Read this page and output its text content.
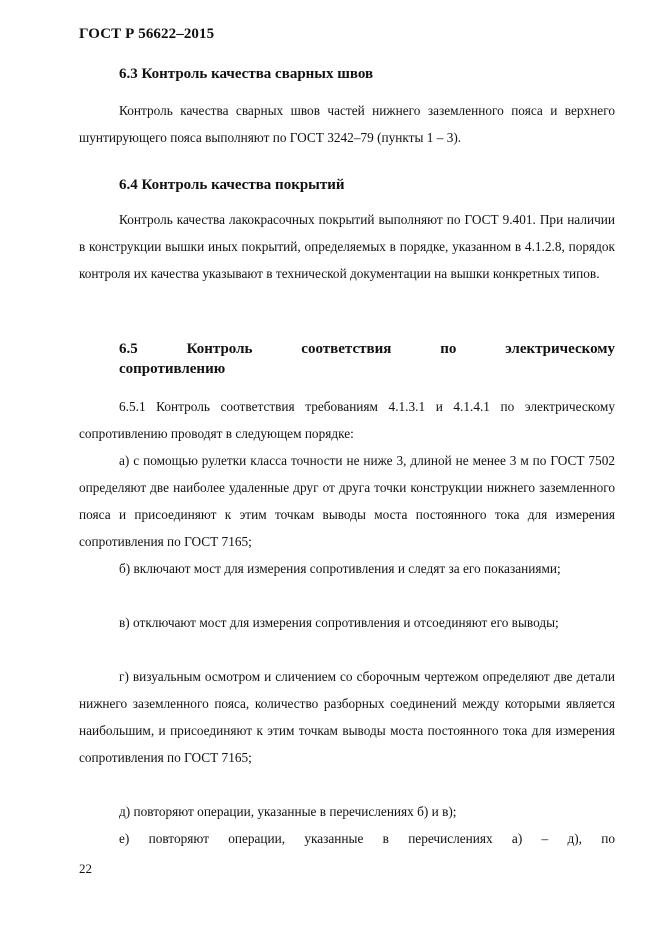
ГОСТ Р 56622–2015
6.3 Контроль качества сварных швов

Контроль качества сварных швов частей нижнего заземленного пояса и верхнего шунтирующего пояса выполняют по ГОСТ 3242–79 (пункты 1 – 3).

6.4 Контроль качества покрытий

Контроль качества лакокрасочных покрытий выполняют по ГОСТ 9.401. При наличии в конструкции вышки иных покрытий, определяемых в порядке, указанном в 4.1.2.8, порядок контроля их качества указывают в технической документации на вышки конкретных типов.

6.5 Контроль соответствия по электрическому
сопротивлению

6.5.1 Контроль соответствия требованиям 4.1.3.1 и 4.1.4.1 по электрическому сопротивлению проводят в следующем порядке:

а) с помощью рулетки класса точности не ниже 3, длиной не менее 3 м по ГОСТ 7502 определяют две наиболее удаленные друг от друга точки конструкции нижнего заземленного пояса и присоединяют к этим точкам выводы моста постоянного тока для измерения сопротивления по ГОСТ 7165;

б) включают мост для измерения сопротивления и следят за его показаниями;

в) отключают мост для измерения сопротивления и отсоединяют его выводы;

г) визуальным осмотром и сличением со сборочным чертежом определяют две детали нижнего заземленного пояса, количество разборных соединений между которыми является наибольшим, и присоединяют к этим точкам выводы моста постоянного тока для измерения сопротивления по ГОСТ 7165;

д) повторяют операции, указанные в перечислениях б) и в);

е) повторяют операции, указанные в перечислениях а) – д), по

22
